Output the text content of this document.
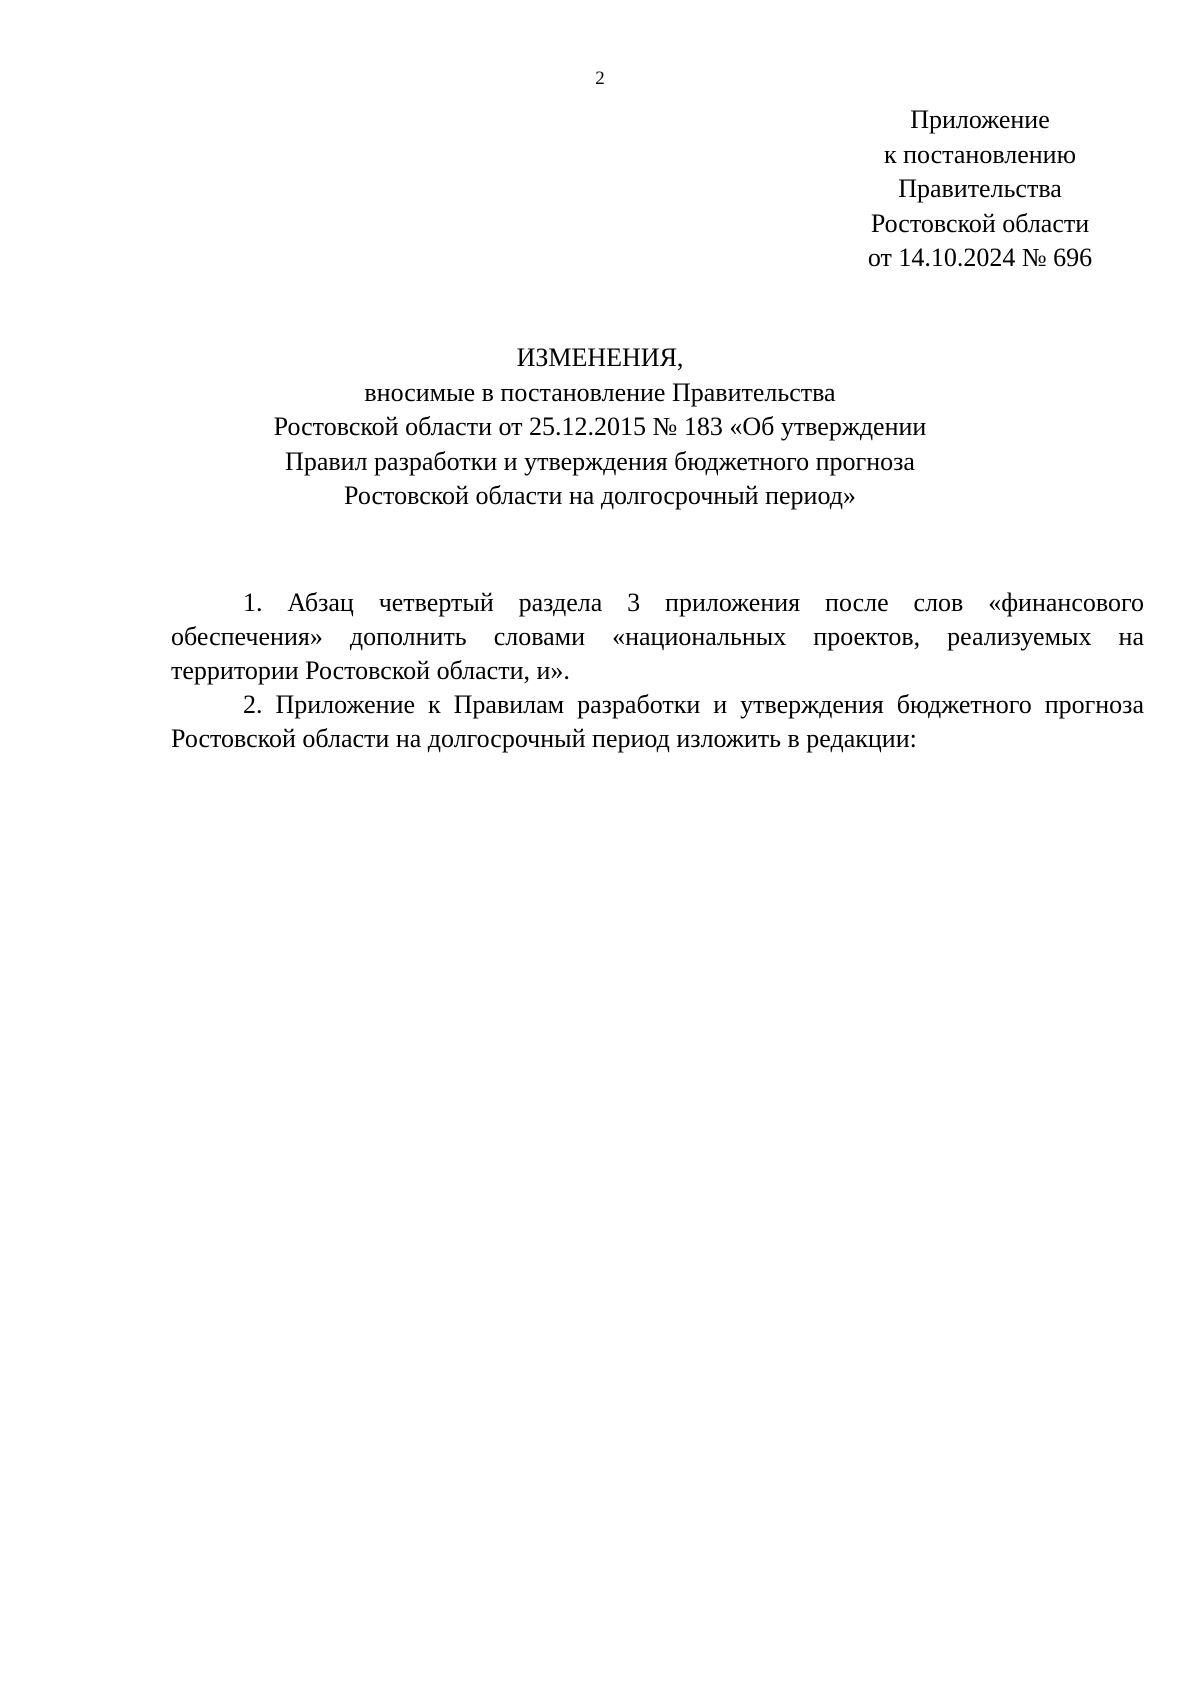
2
Приложение
к постановлению
Правительства
Ростовской области
от 14.10.2024 № 696
ИЗМЕНЕНИЯ,
вносимые в постановление Правительства
Ростовской области от 25.12.2015 № 183 «Об утверждении
Правил разработки и утверждения бюджетного прогноза
Ростовской области на долгосрочный период»

1. Абзац четвертый раздела 3 приложения после слов «финансового обеспечения» дополнить словами «национальных проектов, реализуемых на территории Ростовской области, и».

2. Приложение к Правилам разработки и утверждения бюджетного прогноза Ростовской области на долгосрочный период изложить в редакции:
